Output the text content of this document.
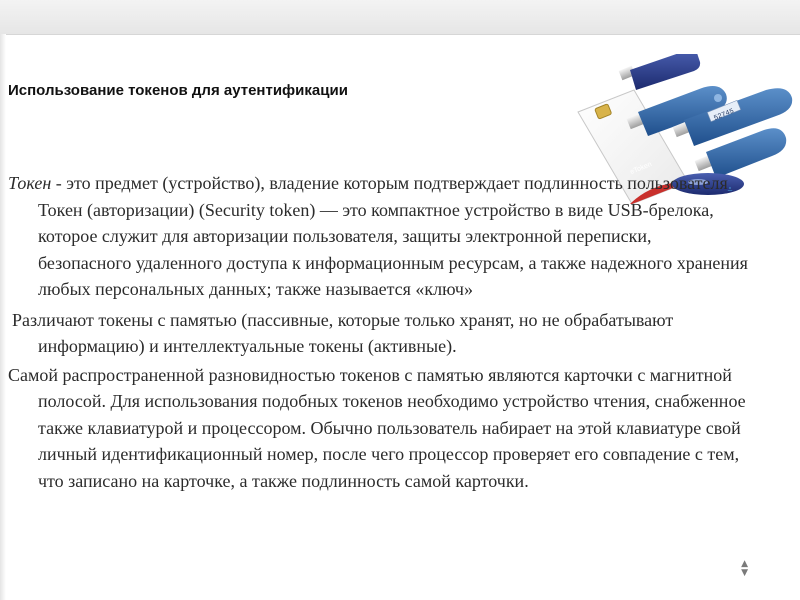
Использование токенов для аутентификации
eToken
52745

Токен - это предмет (устройство), владение которым подтверждает подлинность пользователя. Токен (авторизации) (Security token) — это компактное устройство в виде USB-брелока, которое служит для авторизации пользователя, защиты электронной переписки, безопасного удаленного доступа к информационным ресурсам, а также надежного хранения любых персональных данных; также называется «ключ»

Различают токены с памятью (пассивные, которые только хранят, но не обрабатывают информацию) и интеллектуальные токены (активные).

Самой распространенной разновидностью токенов с памятью являются карточки с магнитной полосой. Для использования подобных токенов необходимо устройство чтения, снабженное также клавиатурой и процессором. Обычно пользователь набирает на этой клавиатуре свой личный идентификационный номер, после чего процессор проверяет его совпадение с тем, что записано на карточке, а также подлинность самой карточки.

▲
▼
